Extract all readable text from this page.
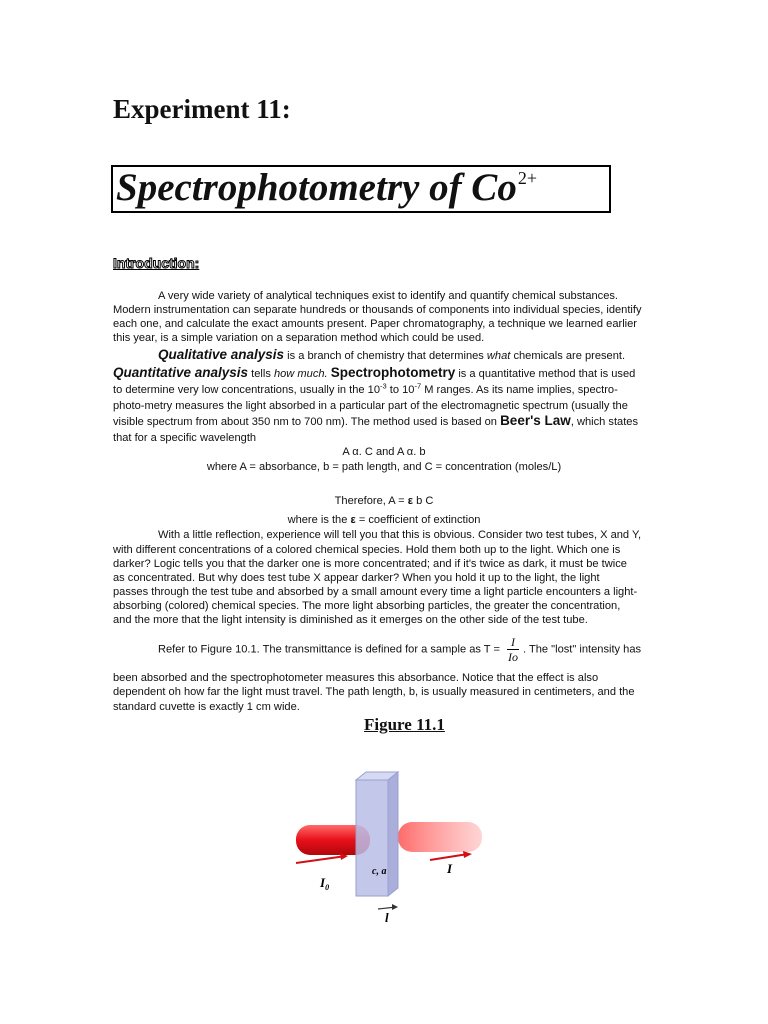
Experiment 11:
Spectrophotometry of $Co^{2+}$
Introduction:
A very wide variety of analytical techniques exist to identify and quantify chemical substances.
Modern instrumentation can separate hundreds or thousands of components into individual species, identify
each one, and calculate the exact amounts present. Paper chromatography, a technique we learned earlier
this year, is a simple variation on a separation method which could be used.
Qualitative analysis is a branch of chemistry that determines what chemicals are present.
Quantitative analysis tells how much. Spectrophotometry is a quantitative method that is used
to determine very low concentrations, usually in the $10^{-3}$ to $10^{-7}$ M ranges. As its name implies, spectro-
photo-metry measures the light absorbed in a particular part of the electromagnetic spectrum (usually the
visible spectrum from about 350 nm to 700 nm). The method used is based on Beer's Law, which states
that for a specific wavelength
A α. C and A α. b
where A = absorbance, b = path length, and C = concentration (moles/L)
Therefore, A = ε b C
where is the ε = coefficient of extinction
With a little reflection, experience will tell you that this is obvious. Consider two test tubes, X and Y,
with different concentrations of a colored chemical species. Hold them both up to the light. Which one is
darker? Logic tells you that the darker one is more concentrated; and if it's twice as dark, it must be twice
as concentrated. But why does test tube X appear darker? When you hold it up to the light, the light
passes through the test tube and absorbed by a small amount every time a light particle encounters a light-
absorbing (colored) chemical species. The more light absorbing particles, the greater the concentration,
and the more that the light intensity is diminished as it emerges on the other side of the test tube.
Refer to Figure 10.1. The transmittance is defined for a sample as $T = \frac{I}{Io}$ . The "lost" intensity has
been absorbed and the spectrophotometer measures this absorbance. Notice that the effect is also
dependent oh how far the light must travel. The path length, b, is usually measured in centimeters, and the
standard cuvette is exactly 1 cm wide.
Figure 11.1
$I_0$
I
c, a
l
